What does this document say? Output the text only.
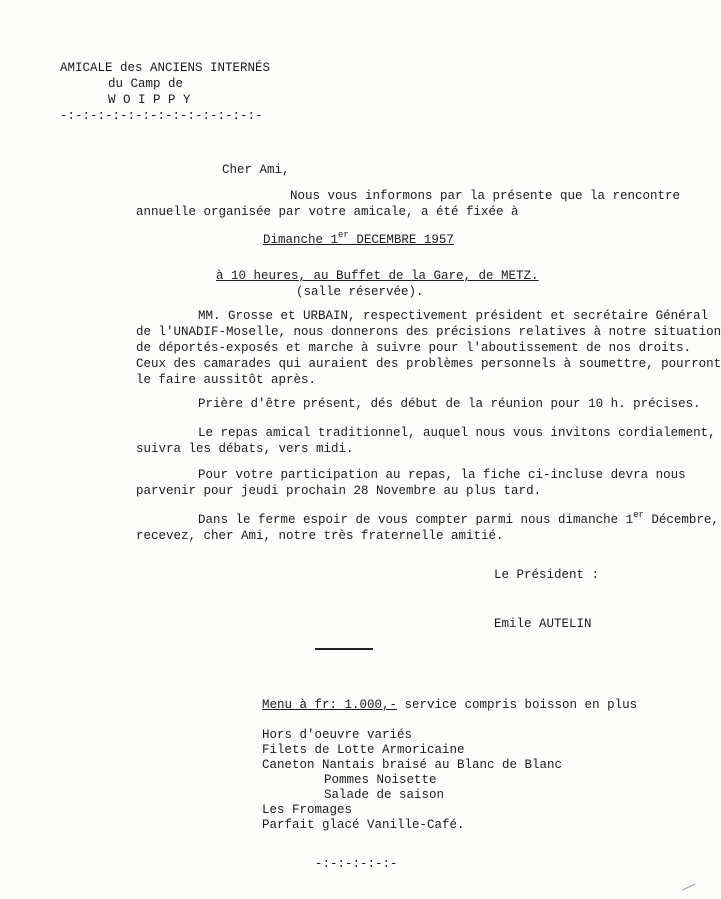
AMICALE des ANCIENS INTERNÉS
du Camp de
W O I P P Y
-:-:-:-:-:-:-:-:-:-:-:-:-:-
Cher Ami,
Nous vous informons par la présente que la rencontre
annuelle organisée par votre amicale, a été fixée à
Dimanche 1er DECEMBRE 1957
à 10 heures, au Buffet de la Gare, de METZ.
(salle réservée).
MM. Grosse et URBAIN, respectivement président et secrétaire Général
de l'UNADIF-Moselle, nous donnerons des précisions relatives à notre situation
de déportés-exposés et marche à suivre pour l'aboutissement de nos droits.
Ceux des camarades qui auraient des problèmes personnels à soumettre, pourront
le faire aussitôt après.
Prière d'être présent, dés début de la réunion pour 10 h. précises.
Le repas amical traditionnel, auquel nous vous invitons cordialement,
suivra les débats, vers midi.
Pour votre participation au repas, la fiche ci-incluse devra nous
parvenir pour jeudi prochain 28 Novembre au plus tard.
Dans le ferme espoir de vous compter parmi nous dimanche 1er Décembre,
recevez, cher Ami, notre très fraternelle amitié.
Le Président :
Emile AUTELIN
Menu à fr: 1.000,- service compris boisson en plus
Hors d'oeuvre variés
Filets de Lotte Armoricaine
Caneton Nantais braisé au Blanc de Blanc
Pommes Noisette
Salade de saison
Les Fromages
Parfait glacé Vanille-Café.
-:-:-:-:-:-
